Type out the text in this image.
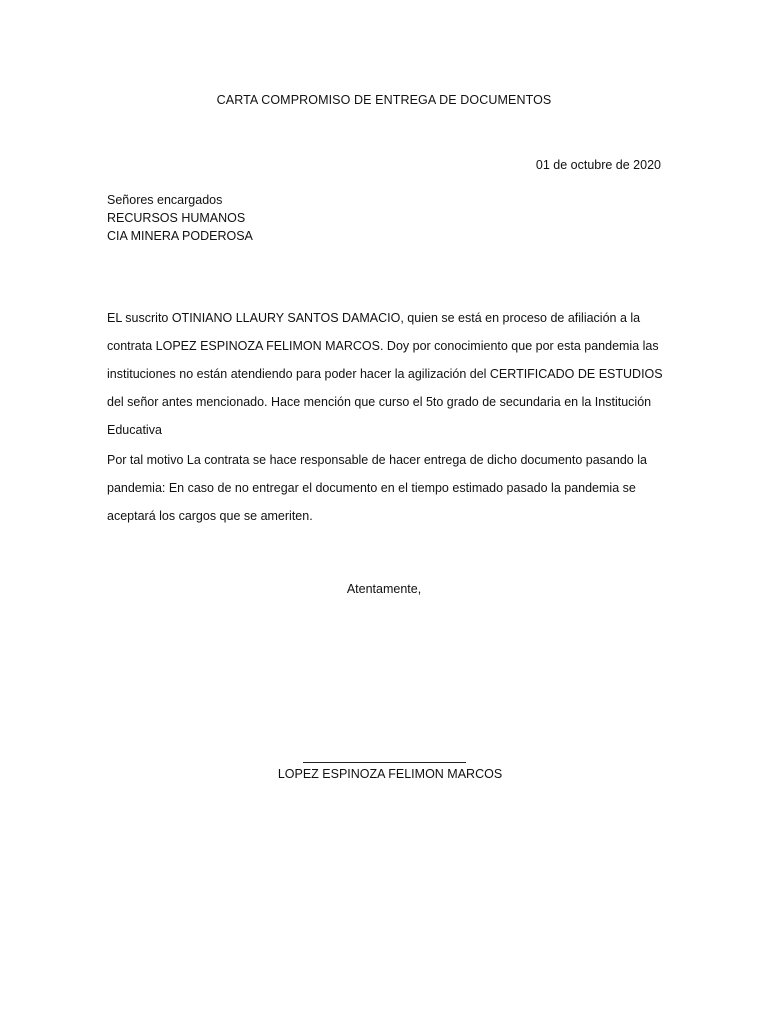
CARTA COMPROMISO DE ENTREGA DE DOCUMENTOS
01 de octubre de 2020
Señores encargados
RECURSOS HUMANOS
CIA MINERA PODEROSA
EL suscrito OTINIANO LLAURY SANTOS DAMACIO, quien se está en proceso de afiliación a la
contrata LOPEZ ESPINOZA FELIMON MARCOS. Doy por conocimiento que por esta pandemia las
instituciones no están atendiendo para poder hacer la agilización del CERTIFICADO DE ESTUDIOS
del señor antes mencionado. Hace mención que curso el 5to grado de secundaria en la Institución
Educativa
Por tal motivo La contrata se hace responsable de hacer entrega de dicho documento pasando la
pandemia: En caso de no entregar el documento en el tiempo estimado pasado la pandemia se
aceptará los cargos que se ameriten.
Atentamente,
LOPEZ ESPINOZA FELIMON MARCOS
